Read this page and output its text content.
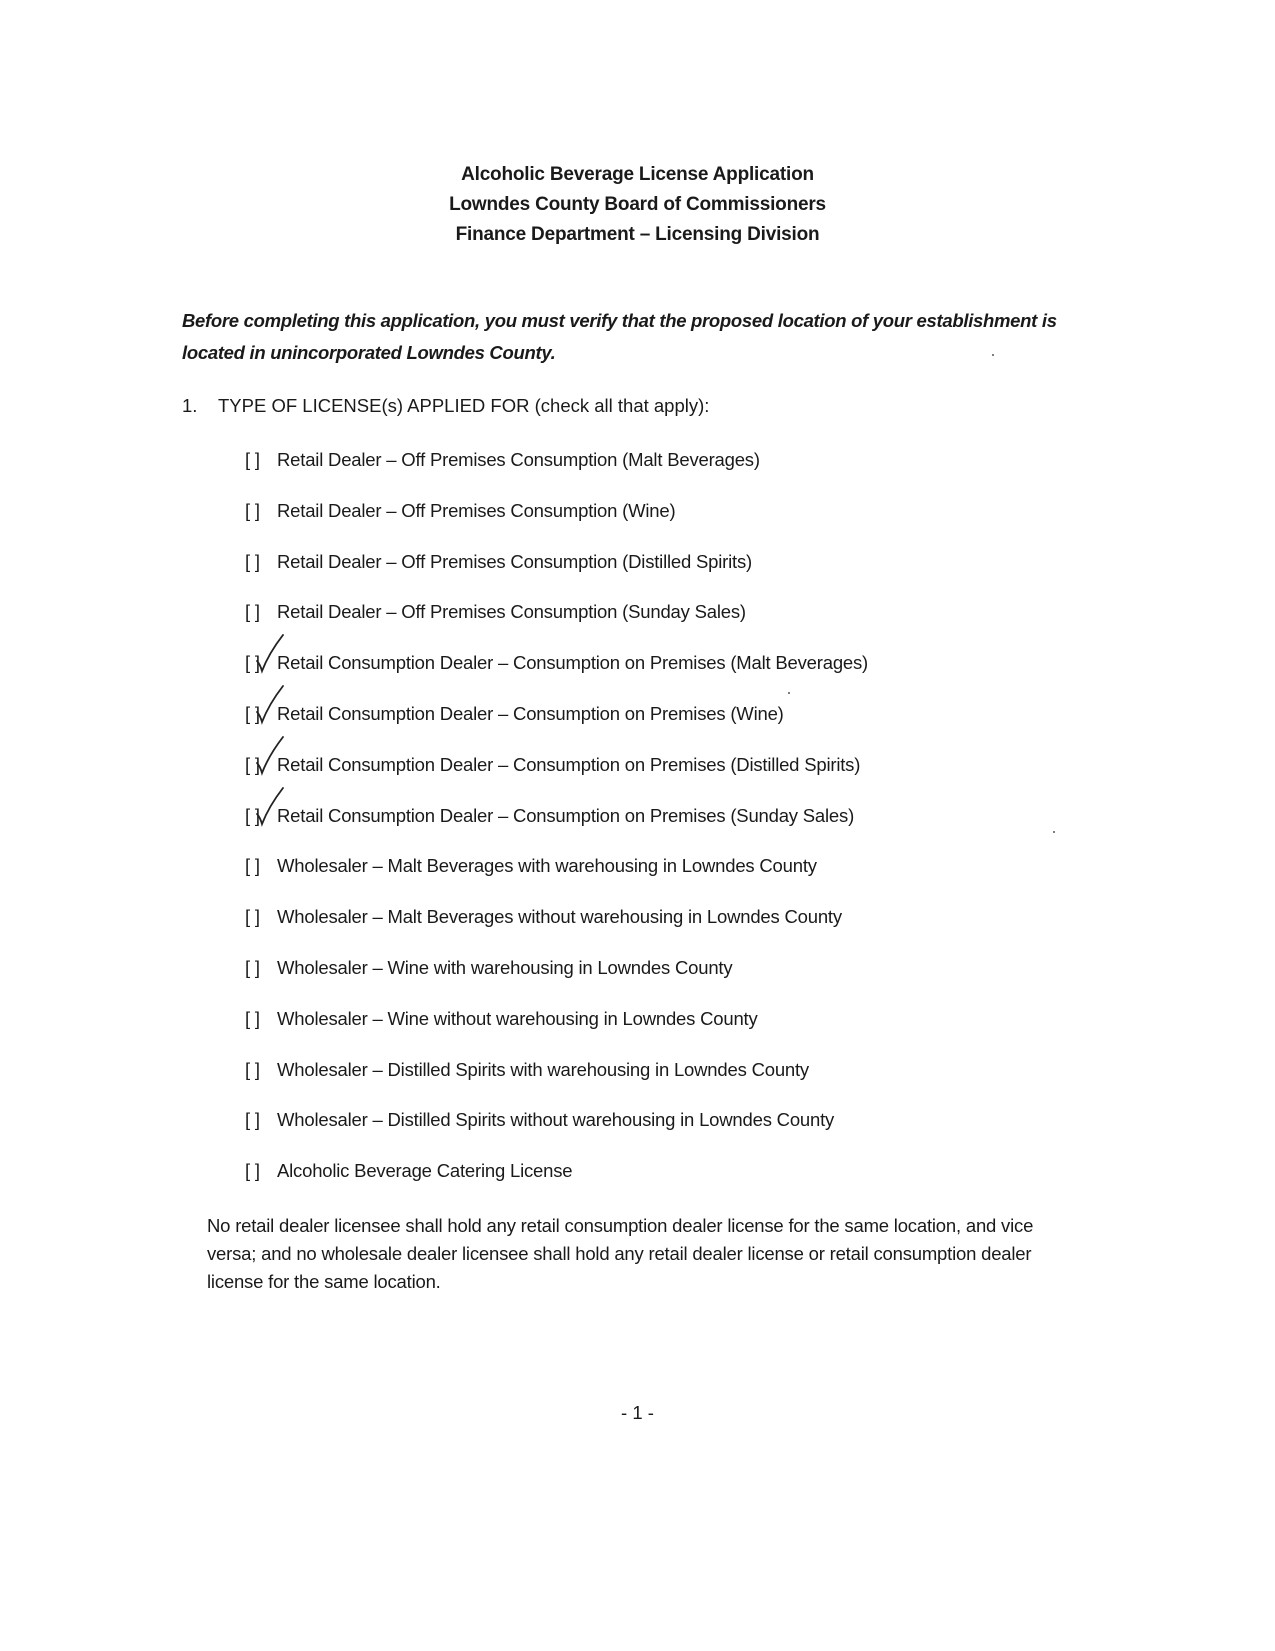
Alcoholic Beverage License Application
Lowndes County Board of Commissioners
Finance Department – Licensing Division
Before completing this application, you must verify that the proposed location of your establishment is located in unincorporated Lowndes County.
1. TYPE OF LICENSE(s) APPLIED FOR (check all that apply):
[ ] Retail Dealer – Off Premises Consumption (Malt Beverages)
[ ] Retail Dealer – Off Premises Consumption (Wine)
[ ] Retail Dealer – Off Premises Consumption (Distilled Spirits)
[ ] Retail Dealer – Off Premises Consumption (Sunday Sales)
[ ] Retail Consumption Dealer – Consumption on Premises (Malt Beverages)
[ ] Retail Consumption Dealer – Consumption on Premises (Wine)
[ ] Retail Consumption Dealer – Consumption on Premises (Distilled Spirits)
[ ] Retail Consumption Dealer – Consumption on Premises (Sunday Sales)
[ ] Wholesaler – Malt Beverages with warehousing in Lowndes County
[ ] Wholesaler – Malt Beverages without warehousing in Lowndes County
[ ] Wholesaler – Wine with warehousing in Lowndes County
[ ] Wholesaler – Wine without warehousing in Lowndes County
[ ] Wholesaler – Distilled Spirits with warehousing in Lowndes County
[ ] Wholesaler – Distilled Spirits without warehousing in Lowndes County
[ ] Alcoholic Beverage Catering License
No retail dealer licensee shall hold any retail consumption dealer license for the same location, and vice versa; and no wholesale dealer licensee shall hold any retail dealer license or retail consumption dealer license for the same location.
- 1 -
